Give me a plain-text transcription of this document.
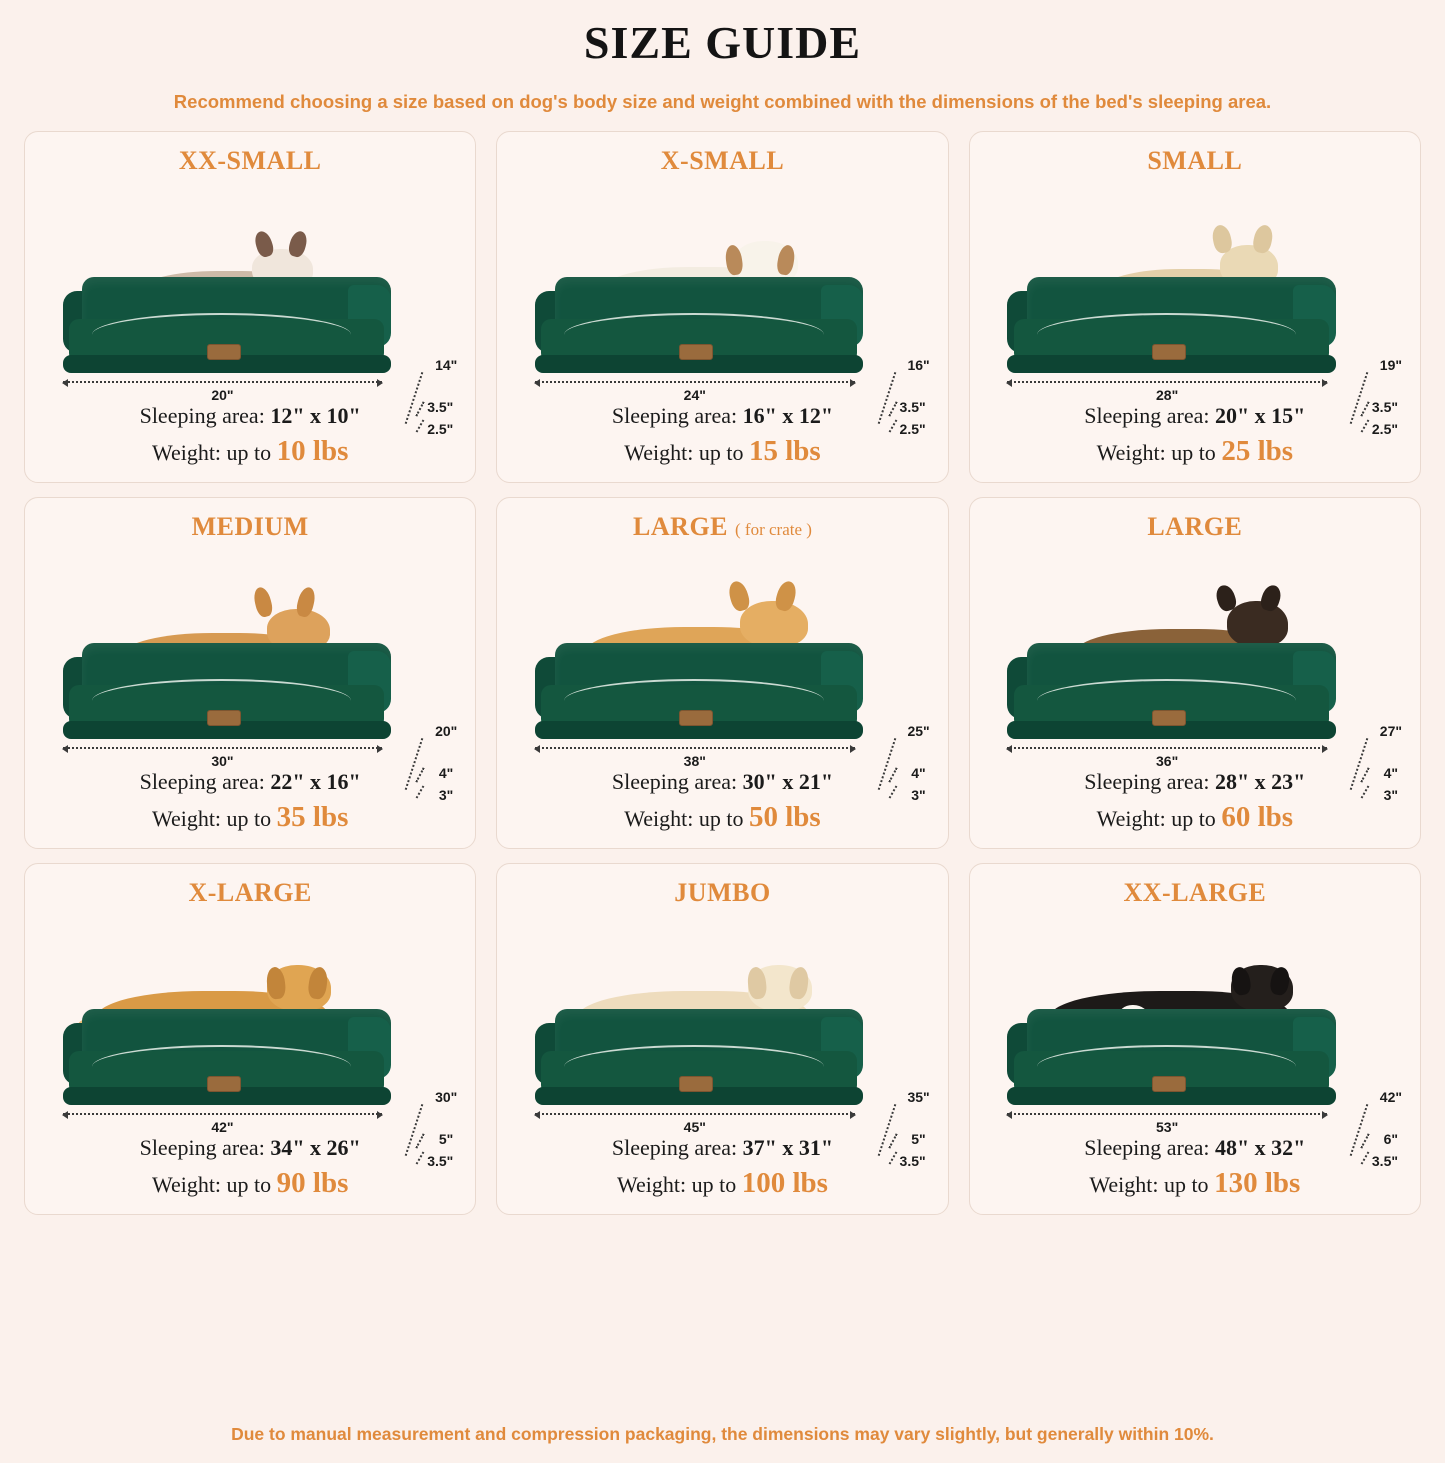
SIZE GUIDE
Recommend choosing a size based on dog's body size and weight combined with the dimensions of the bed's sleeping area.
XX-SMALL
14"
3.5"
2.5"
20"
Sleeping area: 12" x 10"
Weight: up to 10 lbs
X-SMALL
16"
3.5"
2.5"
24"
Sleeping area: 16" x 12"
Weight: up to 15 lbs
SMALL
19"
3.5"
2.5"
28"
Sleeping area: 20" x 15"
Weight: up to 25 lbs
MEDIUM
20"
4"
3"
30"
Sleeping area: 22" x 16"
Weight: up to 35 lbs
LARGE ( for crate )
25"
4"
3"
38"
Sleeping area: 30" x 21"
Weight: up to 50 lbs
LARGE
27"
4"
3"
36"
Sleeping area: 28" x 23"
Weight: up to 60 lbs
X-LARGE
30"
5"
3.5"
42"
Sleeping area: 34" x 26"
Weight: up to 90 lbs
JUMBO
35"
5"
3.5"
45"
Sleeping area: 37" x 31"
Weight: up to 100 lbs
XX-LARGE
42"
6"
3.5"
53"
Sleeping area: 48" x 32"
Weight: up to 130 lbs
Due to manual measurement and compression packaging, the dimensions may vary slightly, but generally within 10%.
